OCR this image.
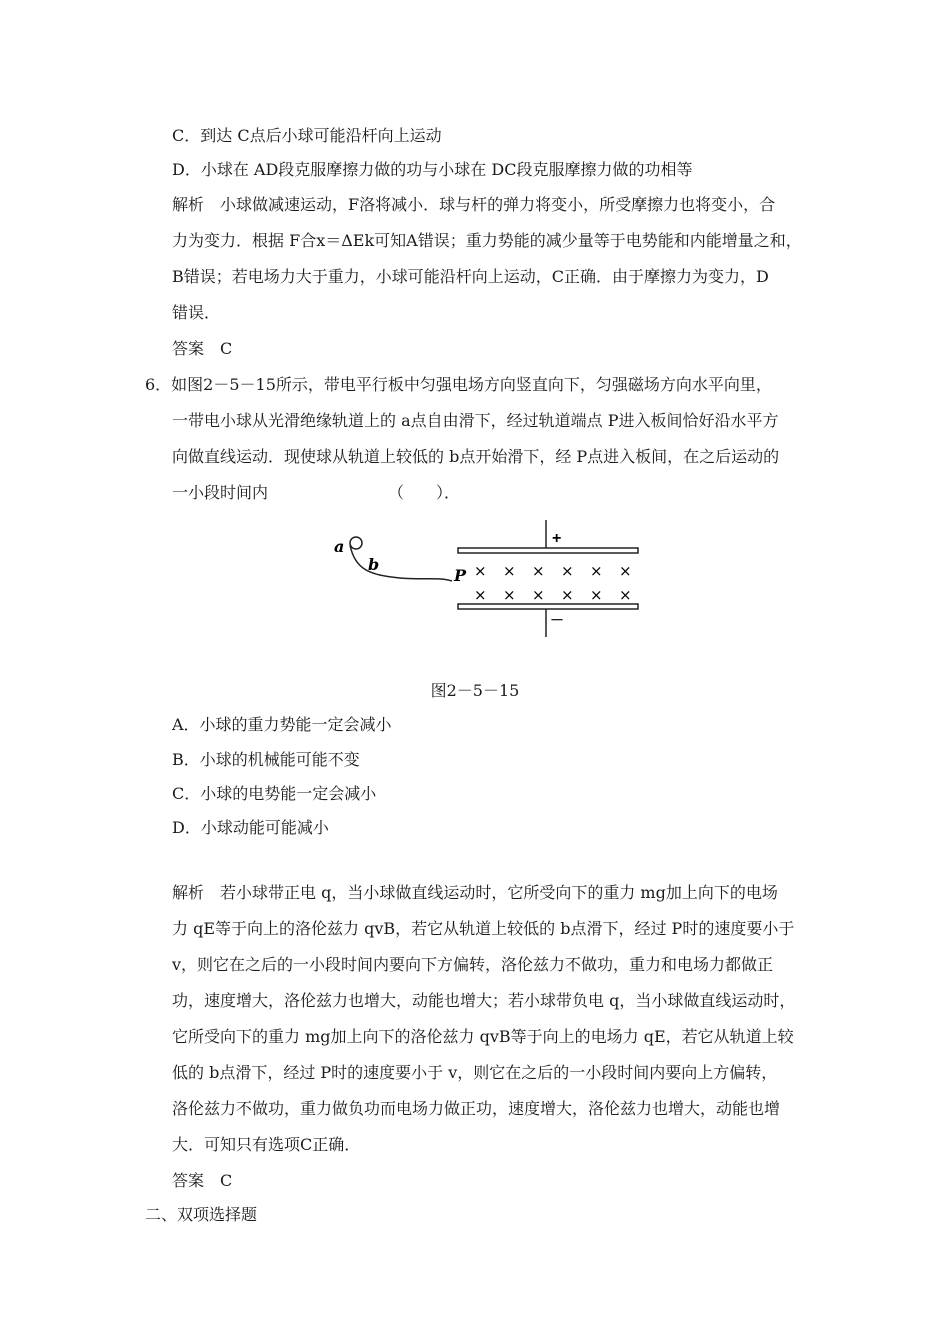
C．到达 C点后小球可能沿杆向上运动
D．小球在 AD段克服摩擦力做的功与小球在 DC段克服摩擦力做的功相等
解析　小球做减速运动，F洛将减小．球与杆的弹力将变小，所受摩擦力也将变小，合
力为变力．根据 F合x＝ΔEk可知A错误；重力势能的减少量等于电势能和内能增量之和，
B错误；若电场力大于重力，小球可能沿杆向上运动，C正确．由于摩擦力为变力，D
错误．
答案　C
6．如图2－5－15所示，带电平行板中匀强电场方向竖直向下，匀强磁场方向水平向里，
一带电小球从光滑绝缘轨道上的 a点自由滑下，经过轨道端点 P进入板间恰好沿水平方
向做直线运动．现使球从轨道上较低的 b点开始滑下，经 P点进入板间，在之后运动的
一小段时间内　　　　　　　　（　　）．
+
－
a
b
P × × × × × ×
× × × × × ×
图2－5－15
A．小球的重力势能一定会减小
B．小球的机械能可能不变
C．小球的电势能一定会减小
D．小球动能可能减小
解析　若小球带正电 q，当小球做直线运动时，它所受向下的重力 mg加上向下的电场
力 qE等于向上的洛伦兹力 qvB，若它从轨道上较低的 b点滑下，经过 P时的速度要小于
v，则它在之后的一小段时间内要向下方偏转，洛伦兹力不做功，重力和电场力都做正
功，速度增大，洛伦兹力也增大，动能也增大；若小球带负电 q，当小球做直线运动时，
它所受向下的重力 mg加上向下的洛伦兹力 qvB等于向上的电场力 qE，若它从轨道上较
低的 b点滑下，经过 P时的速度要小于 v，则它在之后的一小段时间内要向上方偏转，
洛伦兹力不做功，重力做负功而电场力做正功，速度增大，洛伦兹力也增大，动能也增
大．可知只有选项C正确．
答案　C
二、双项选择题
